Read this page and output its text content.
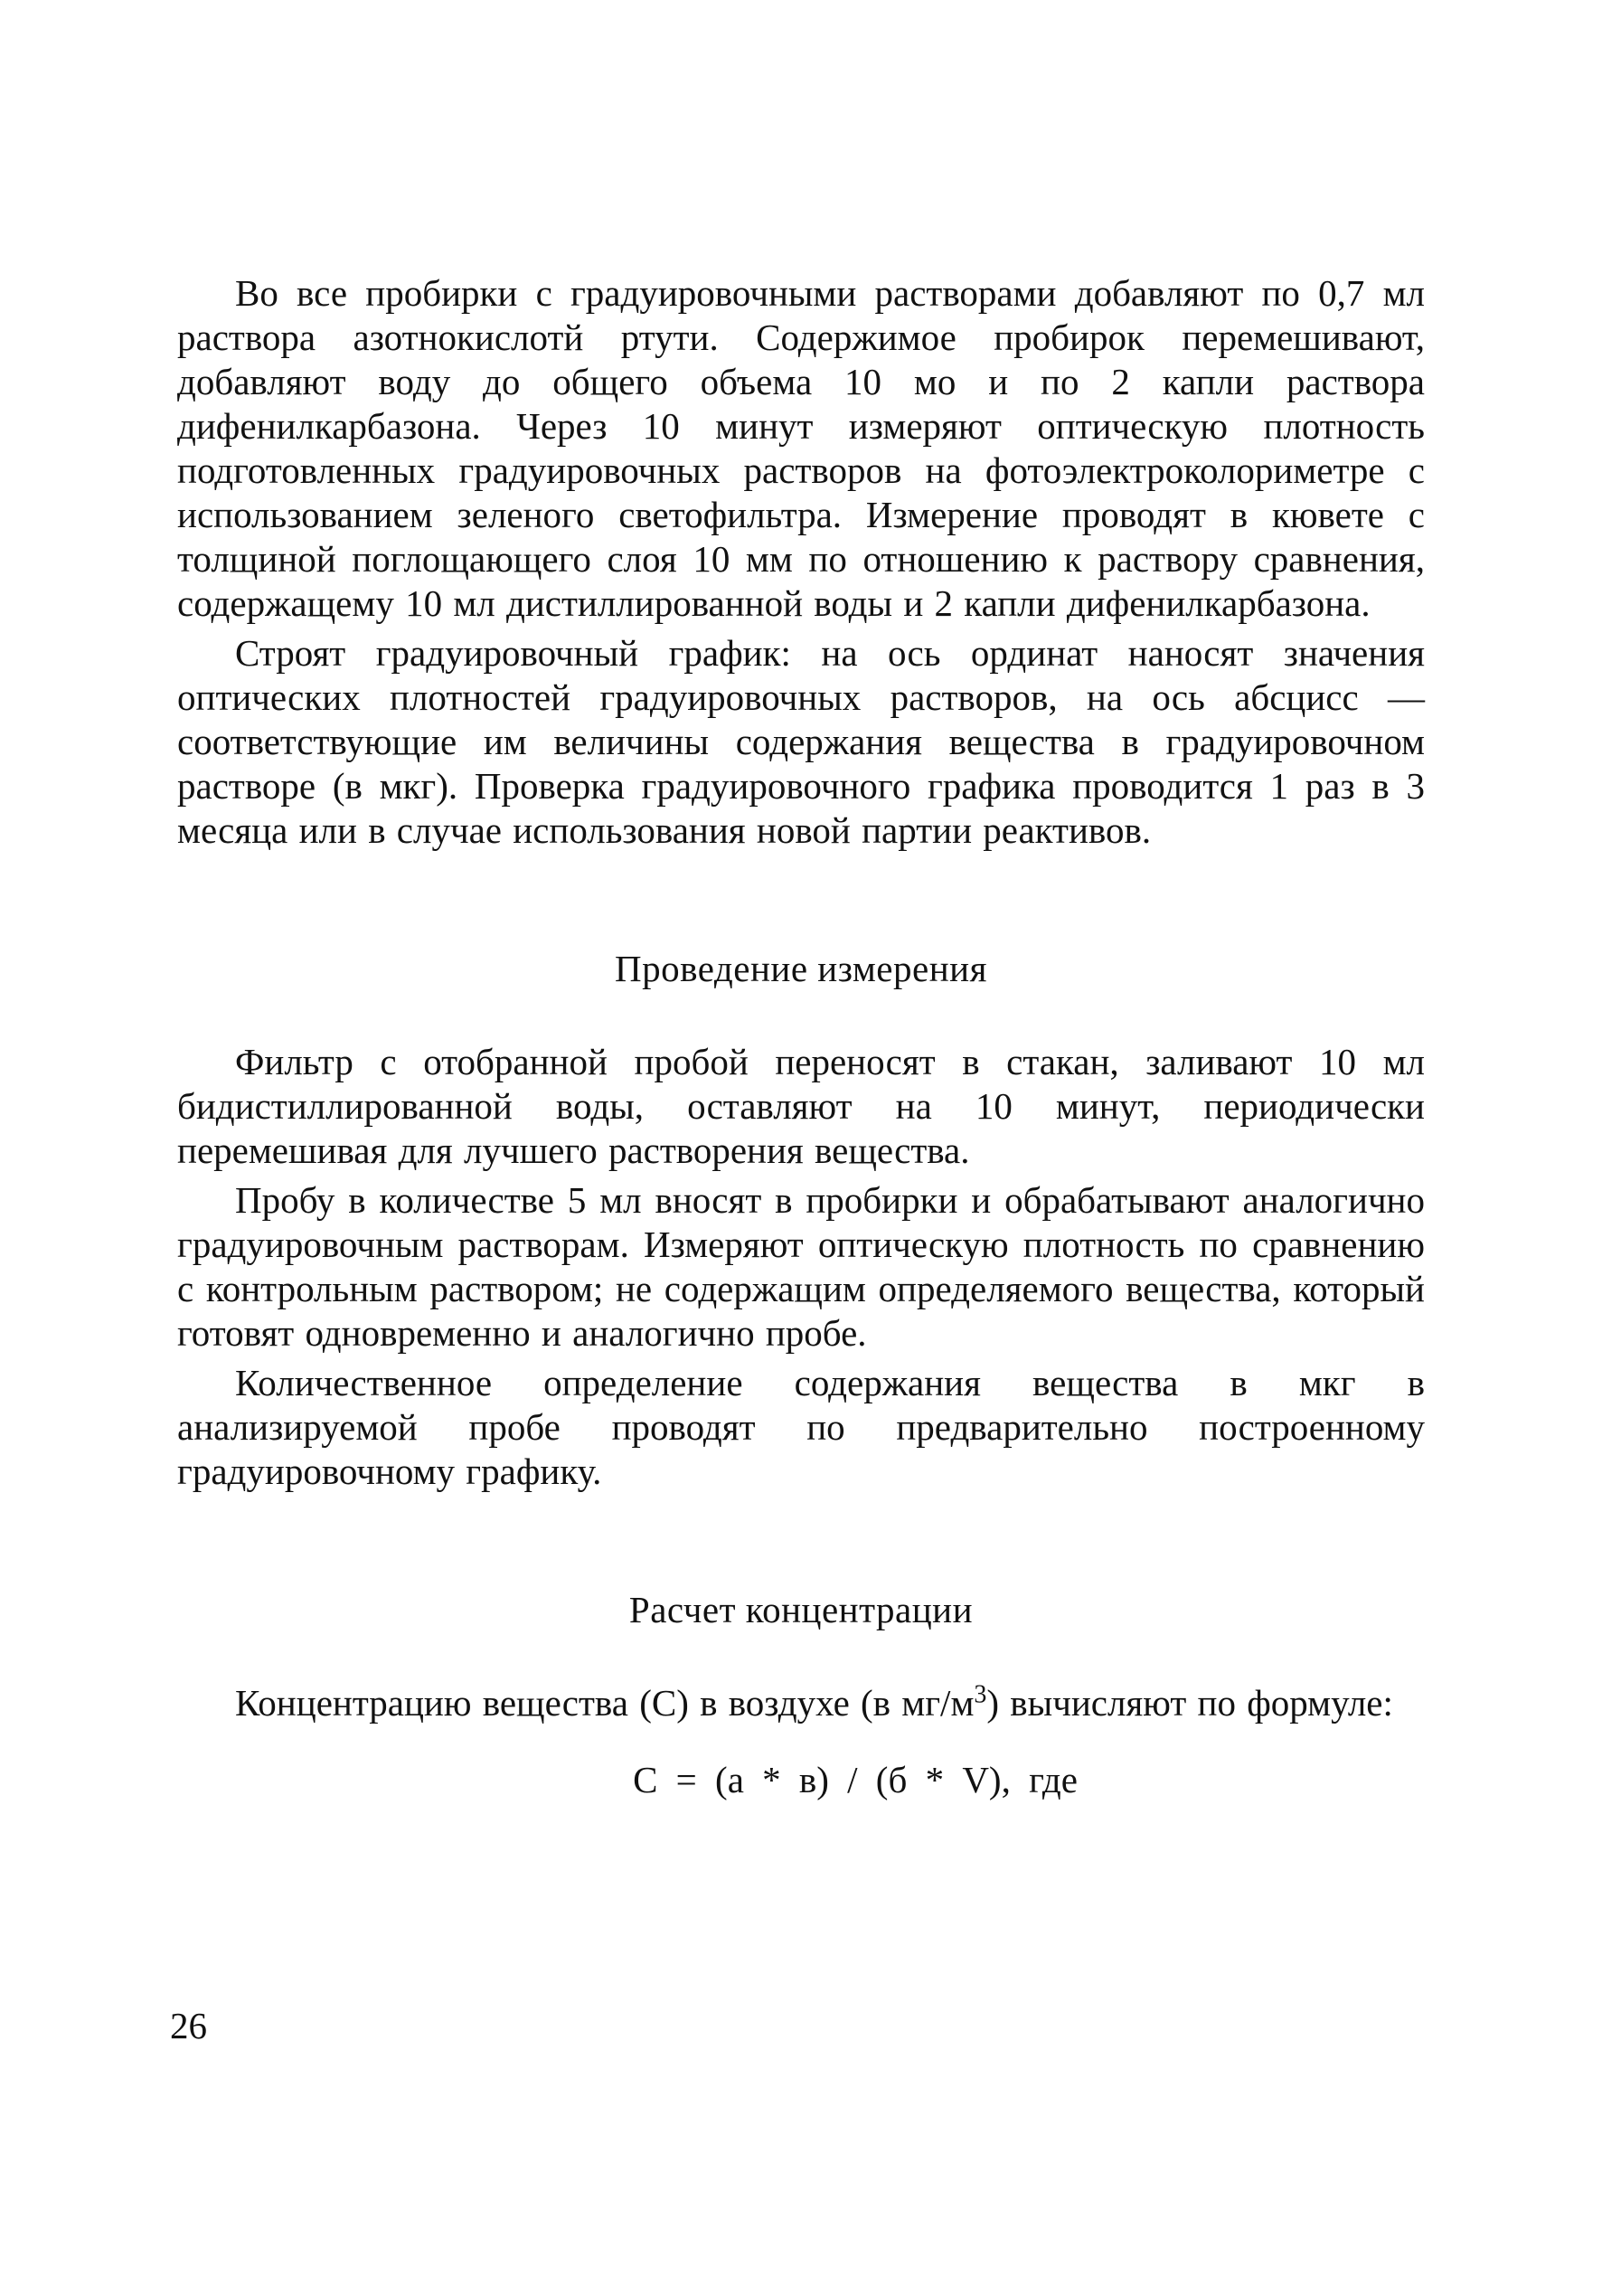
Во все пробирки с градуировочными растворами добавляют по 0,7 мл раствора азотнокислотй ртути. Содержимое пробирок перемешивают, добавляют воду до общего объема 10 мо и по 2 капли раствора дифенилкарбазона. Через 10 минут измеряют оптическую плотность подготовленных градуировочных растворов на фотоэлектроколориметре с использованием зеленого светофильтра. Измерение проводят в кювете с толщиной поглощающего слоя 10 мм по отношению к раствору сравнения, содержащему 10 мл дистиллированной воды и 2 капли дифенилкарбазона.

Строят градуировочный график: на ось ординат наносят значения оптических плотностей градуировочных растворов, на ось абсцисс — соответствующие им величины содержания вещества в градуировочном растворе (в мкг). Проверка градуировочного графика проводится 1 раз в 3 месяца или в случае использования новой партии реактивов.

Проведение измерения

Фильтр с отобранной пробой переносят в стакан, заливают 10 мл бидистиллированной воды, оставляют на 10 минут, периодически перемешивая для лучшего растворения вещества.

Пробу в количестве 5 мл вносят в пробирки и обрабатывают аналогично градуировочным растворам. Измеряют оптическую плотность по сравнению с контрольным раствором; не содержащим определяемого вещества, который готовят одновременно и аналогично пробе.

Количественное определение содержания вещества в мкг в анализируемой пробе проводят по предварительно построенному градуировочному графику.

Расчет концентрации

Концентрацию вещества (С) в воздухе (в $мг/м^3$) вычисляют по формуле:

С = (а * в) / (б * V), где
26
